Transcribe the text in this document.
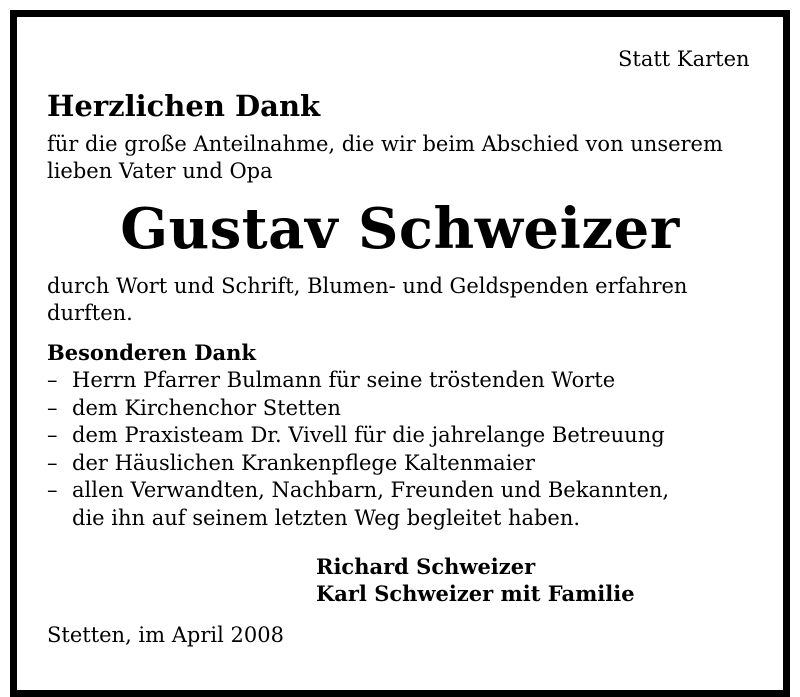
Statt Karten
Herzlichen Dank
für die große Anteilnahme, die wir beim Abschied von unserem
lieben Vater und Opa
Gustav Schweizer
durch Wort und Schrift, Blumen- und Geldspenden erfahren
durften.
Besonderen Dank
– Herrn Pfarrer Bulmann für seine tröstenden Worte
– dem Kirchenchor Stetten
– dem Praxisteam Dr. Vivell für die jahrelange Betreuung
– der Häuslichen Krankenpflege Kaltenmaier
– allen Verwandten, Nachbarn, Freunden und Bekannten,
die ihn auf seinem letzten Weg begleitet haben.
Richard Schweizer
Karl Schweizer mit Familie
Stetten, im April 2008
